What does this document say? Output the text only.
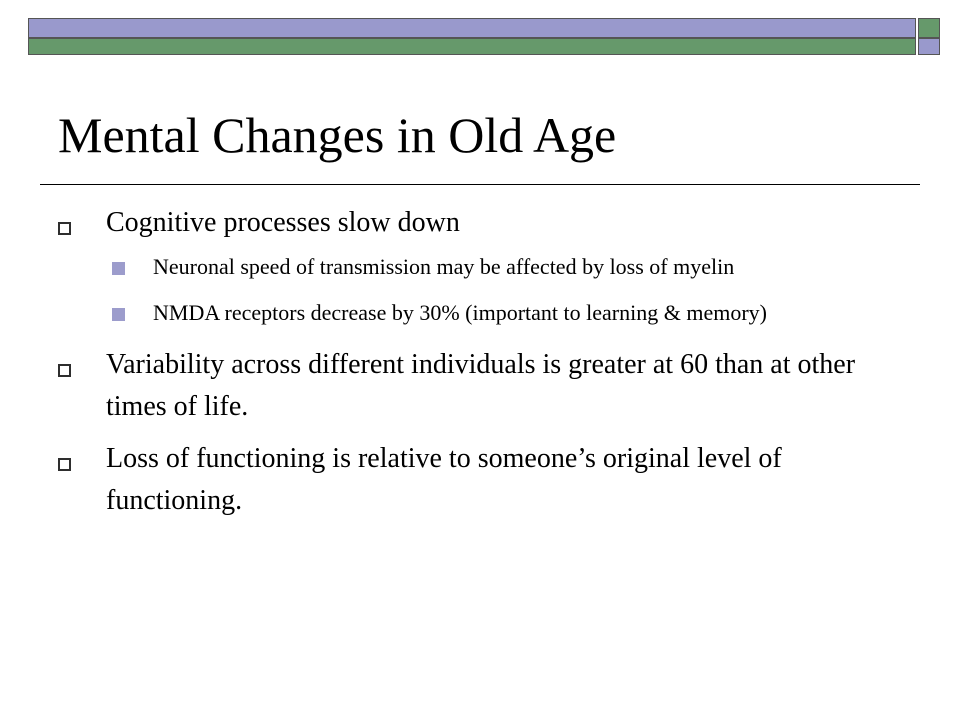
Mental Changes in Old Age
Cognitive processes slow down
Neuronal speed of transmission may be affected by loss of myelin
NMDA receptors decrease by 30% (important to learning & memory)
Variability across different individuals is greater at 60 than at other times of life.
Loss of functioning is relative to someone’s original level of functioning.
